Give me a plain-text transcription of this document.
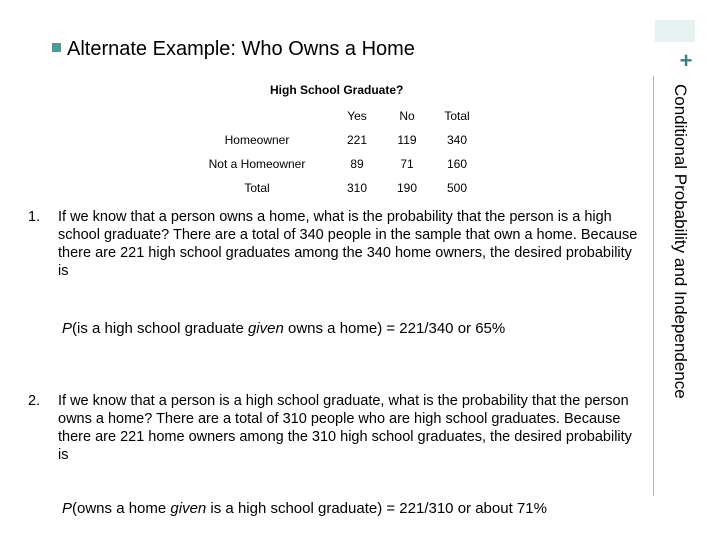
+
Conditional Probability and Independence
Alternate Example: Who Owns a Home
High School Graduate?
	Yes	No	Total
Homeowner	221	119	340
Not a Homeowner	89	71	160
Total	310	190	500
1. If we know that a person owns a home, what is the probability that the person is a high school graduate? There are a total of 340 people in the sample that own a home. Because there are 221 high school graduates among the 340 home owners, the desired probability is
P(is a high school graduate given owns a home) = 221/340 or 65%
2. If we know that a person is a high school graduate, what is the probability that the person owns a home? There are a total of 310 people who are high school graduates. Because there are 221 home owners among the 310 high school graduates, the desired probability is
P(owns a home given is a high school graduate) = 221/310 or about 71%
